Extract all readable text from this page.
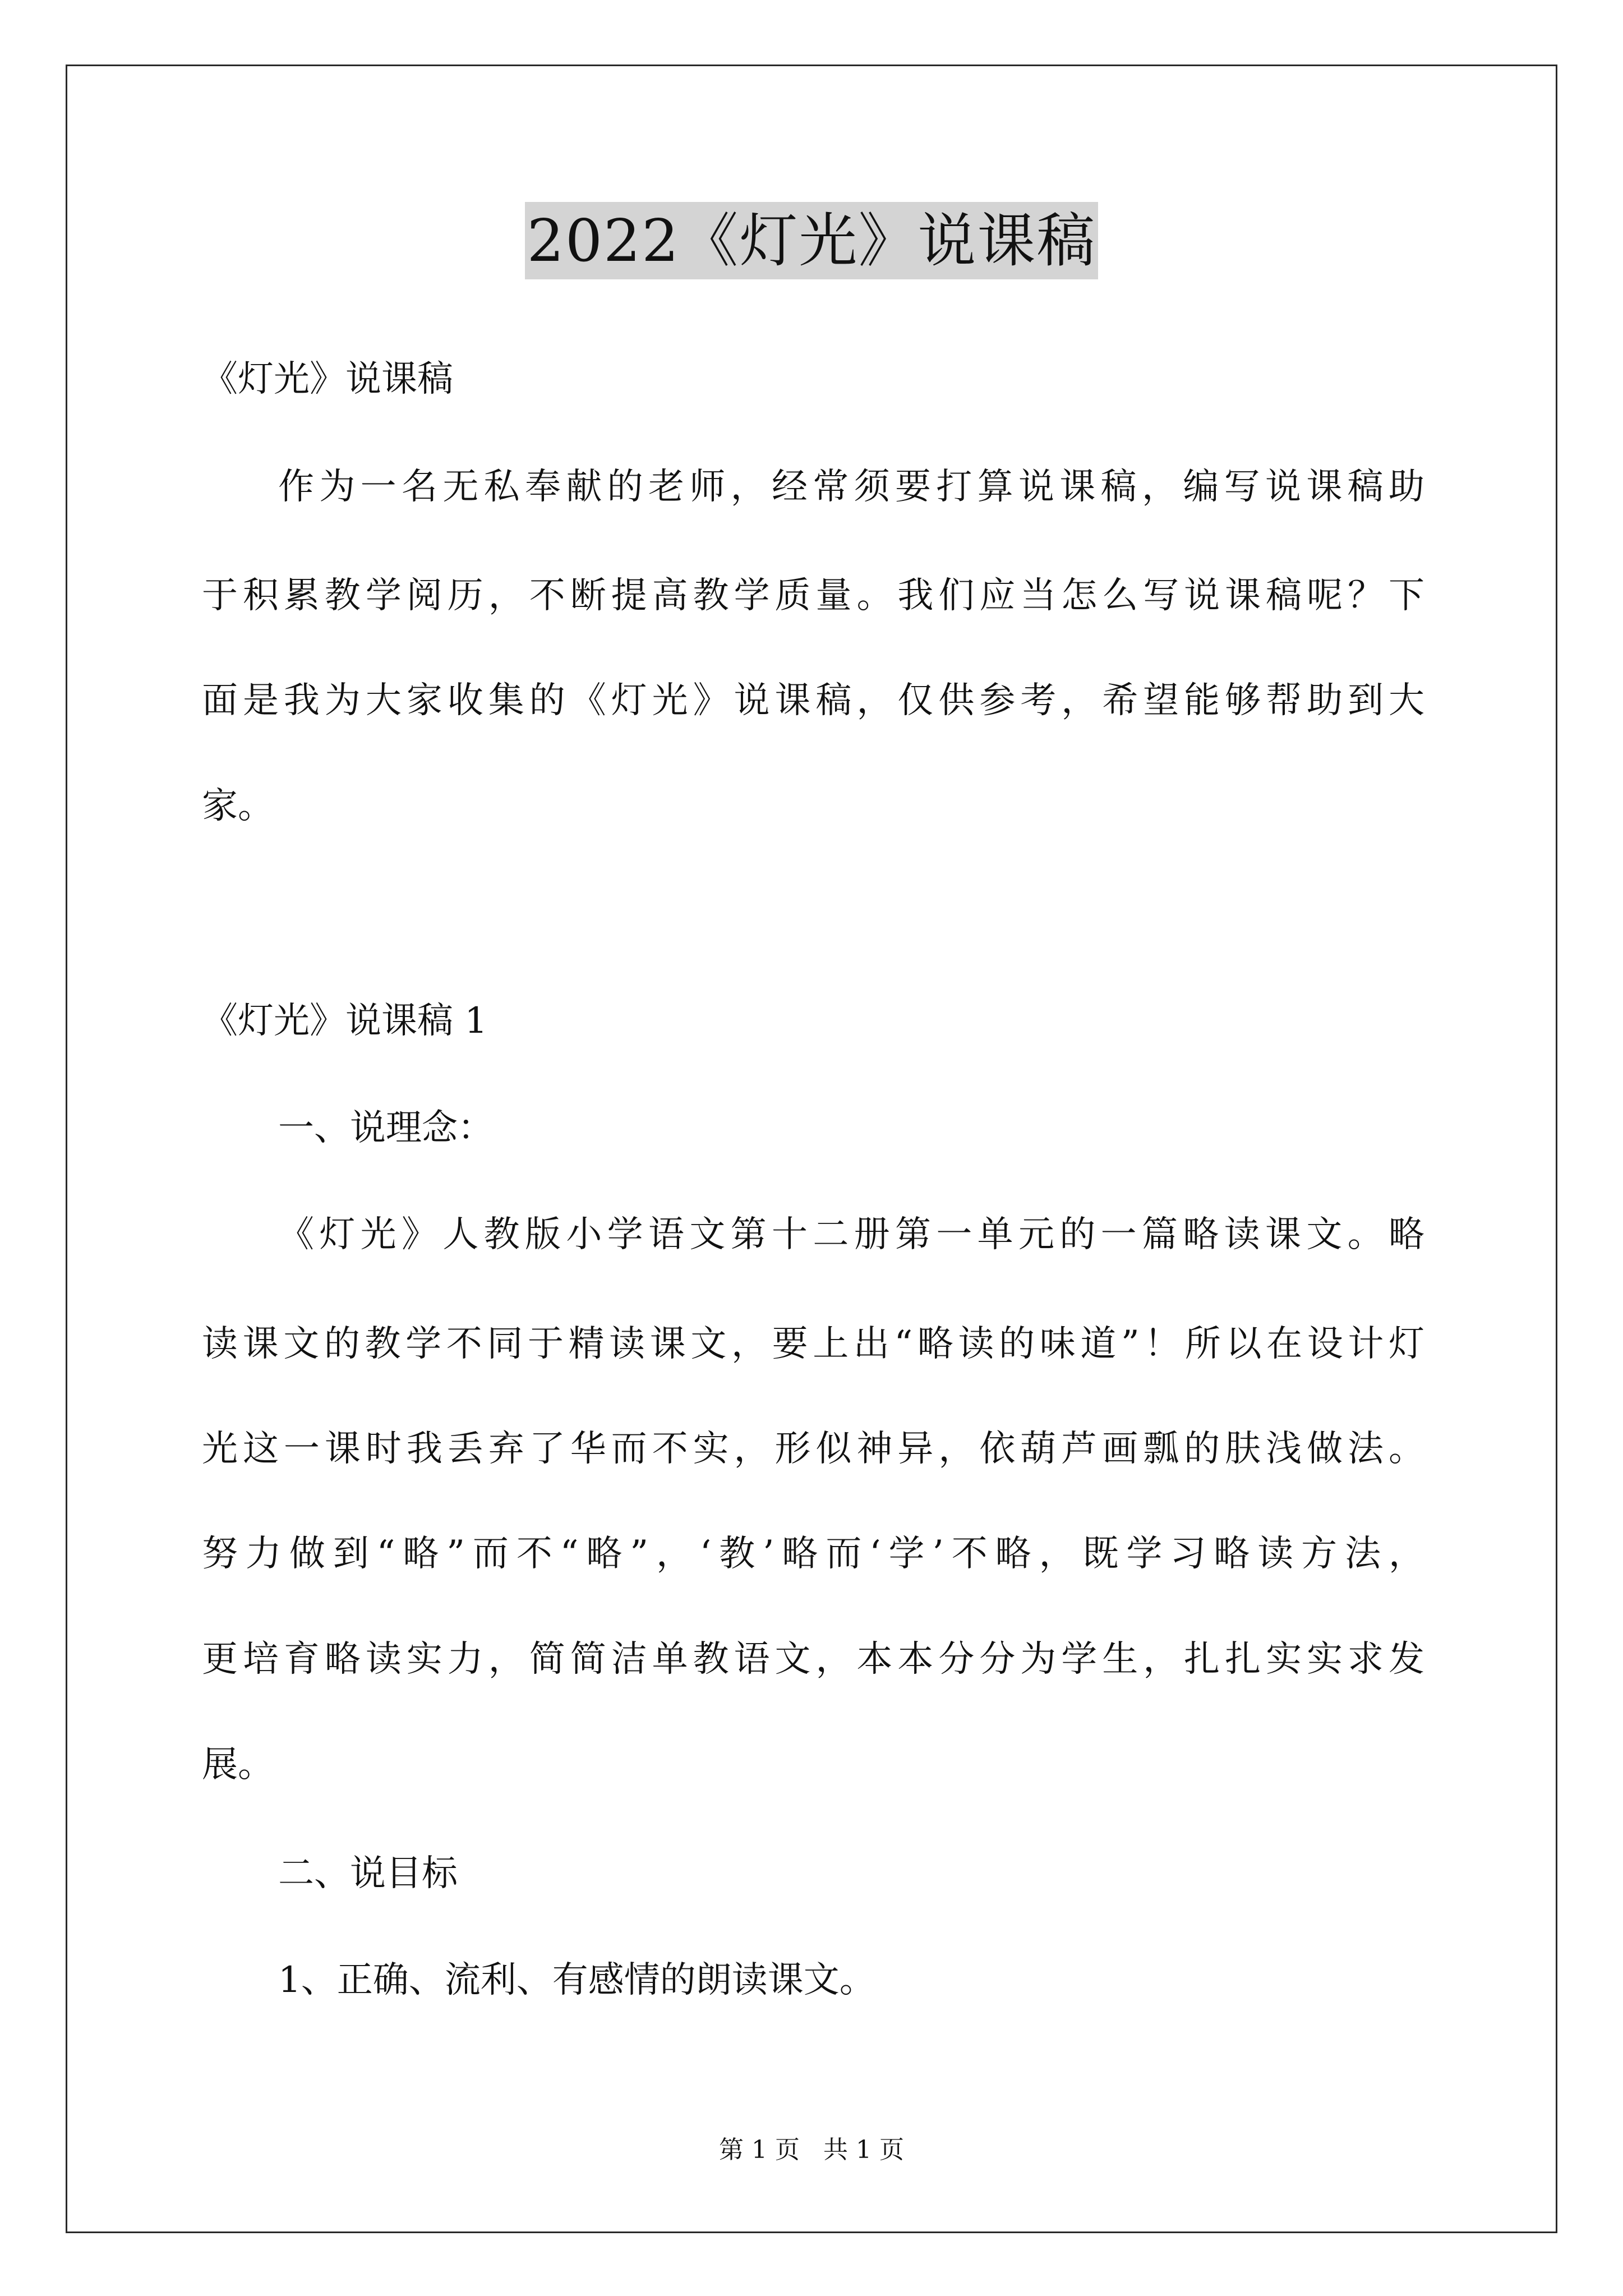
2022《灯光》说课稿
《灯光》说课稿
作为一名无私奉献的老师，经常须要打算说课稿，编写说课稿助
于积累教学阅历，不断提高教学质量。我们应当怎么写说课稿呢？下
面是我为大家收集的《灯光》说课稿，仅供参考，希望能够帮助到大
家。
《灯光》说课稿 1
一、说理念：
《灯光》人教版小学语文第十二册第一单元的一篇略读课文。略
读课文的教学不同于精读课文，要上出“略读的味道”！所以在设计灯
光这一课时我丢弃了华而不实，形似神异，依葫芦画瓢的肤浅做法。
努力做到“略”而不“略”，‘教’略而‘学’不略，既学习略读方法，
更培育略读实力，简简洁单教语文，本本分分为学生，扎扎实实求发
展。
二、说目标
1、正确、流利、有感情的朗读课文。
第 1 页   共 1 页
